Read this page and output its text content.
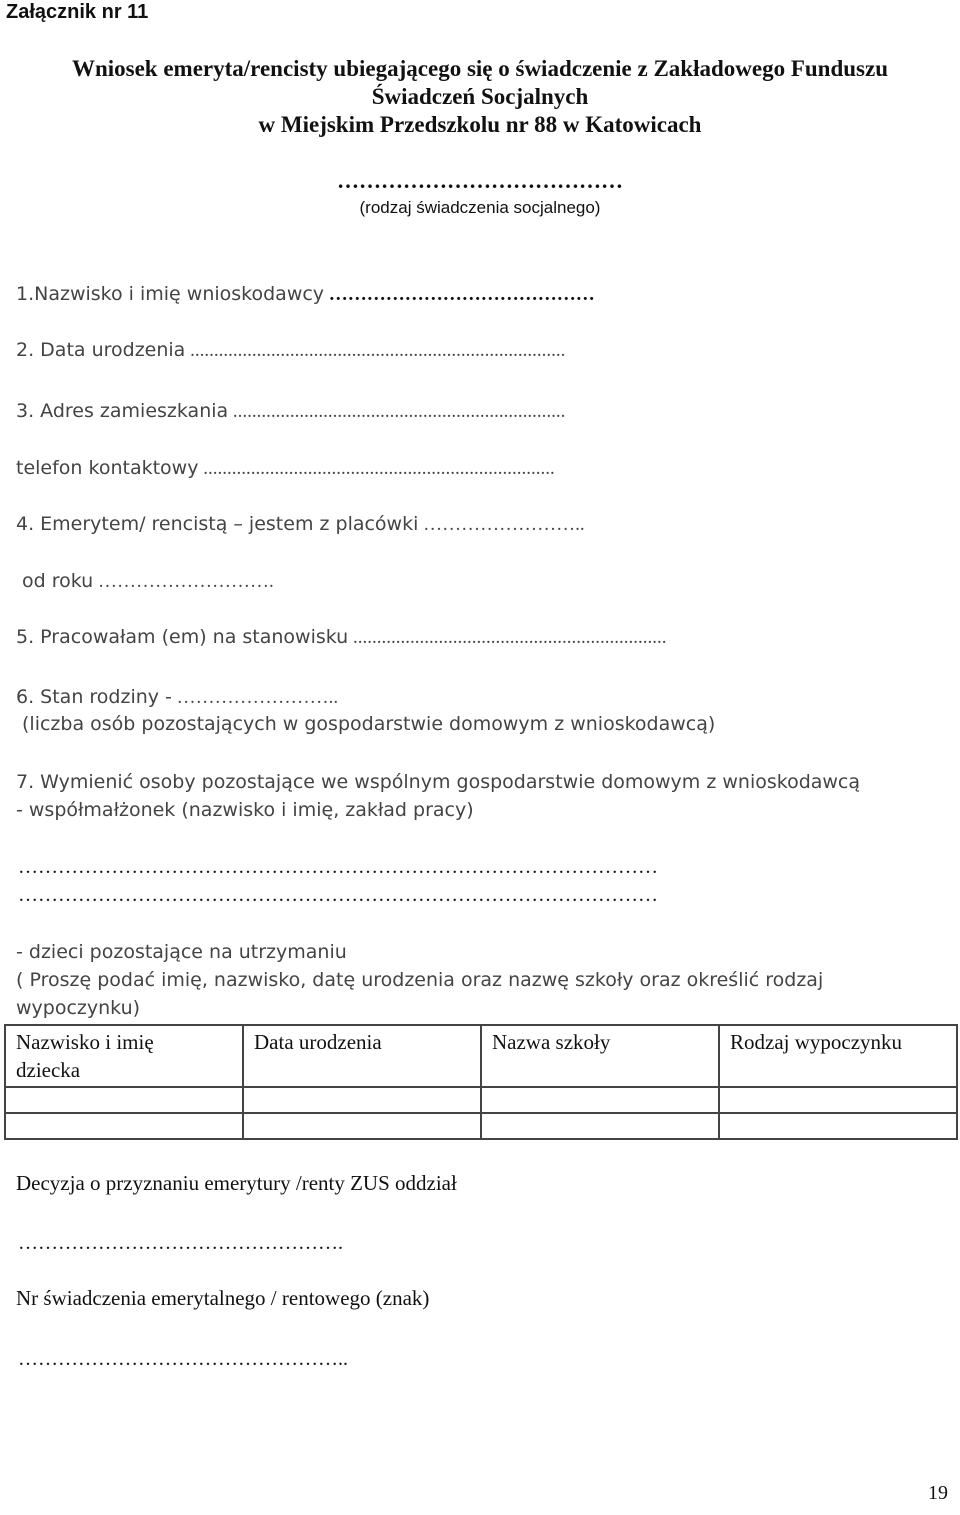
Załącznik nr 11
Wniosek emeryta/rencisty ubiegającego się o świadczenie z Zakładowego Funduszu
Świadczeń Socjalnych
w Miejskim Przedszkolu nr 88 w Katowicach
…………………………………
(rodzaj świadczenia socjalnego)
1.Nazwisko i imię wnioskodawcy ……………………………………
2. Data urodzenia ...............................................................................
3. Adres zamieszkania ......................................................................
telefon kontaktowy ..........................................................................
4. Emerytem/ rencistą – jestem z placówki ……………………..
od roku ……………………….
5. Pracowałam (em) na stanowisku ..................................................................
6. Stan rodziny - ……………………..
(liczba osób pozostających w gospodarstwie domowym z wnioskodawcą)
7. Wymienić osoby pozostające we wspólnym gospodarstwie domowym z wnioskodawcą
- współmałżonek (nazwisko i imię, zakład pracy)
……………………………………………………………………………………
……………………………………………………………………………………
- dzieci pozostające na utrzymaniu
( Proszę podać imię, nazwisko, datę urodzenia oraz nazwę szkoły oraz określić rodzaj
wypoczynku)
Nazwisko i imię dziecka	Data urodzenia	Nazwa szkoły	Rodzaj wypoczynku

Decyzja o przyznaniu emerytury /renty ZUS oddział
………………………………………….
Nr świadczenia emerytalnego / rentowego (znak)
…………………………………………..
19
